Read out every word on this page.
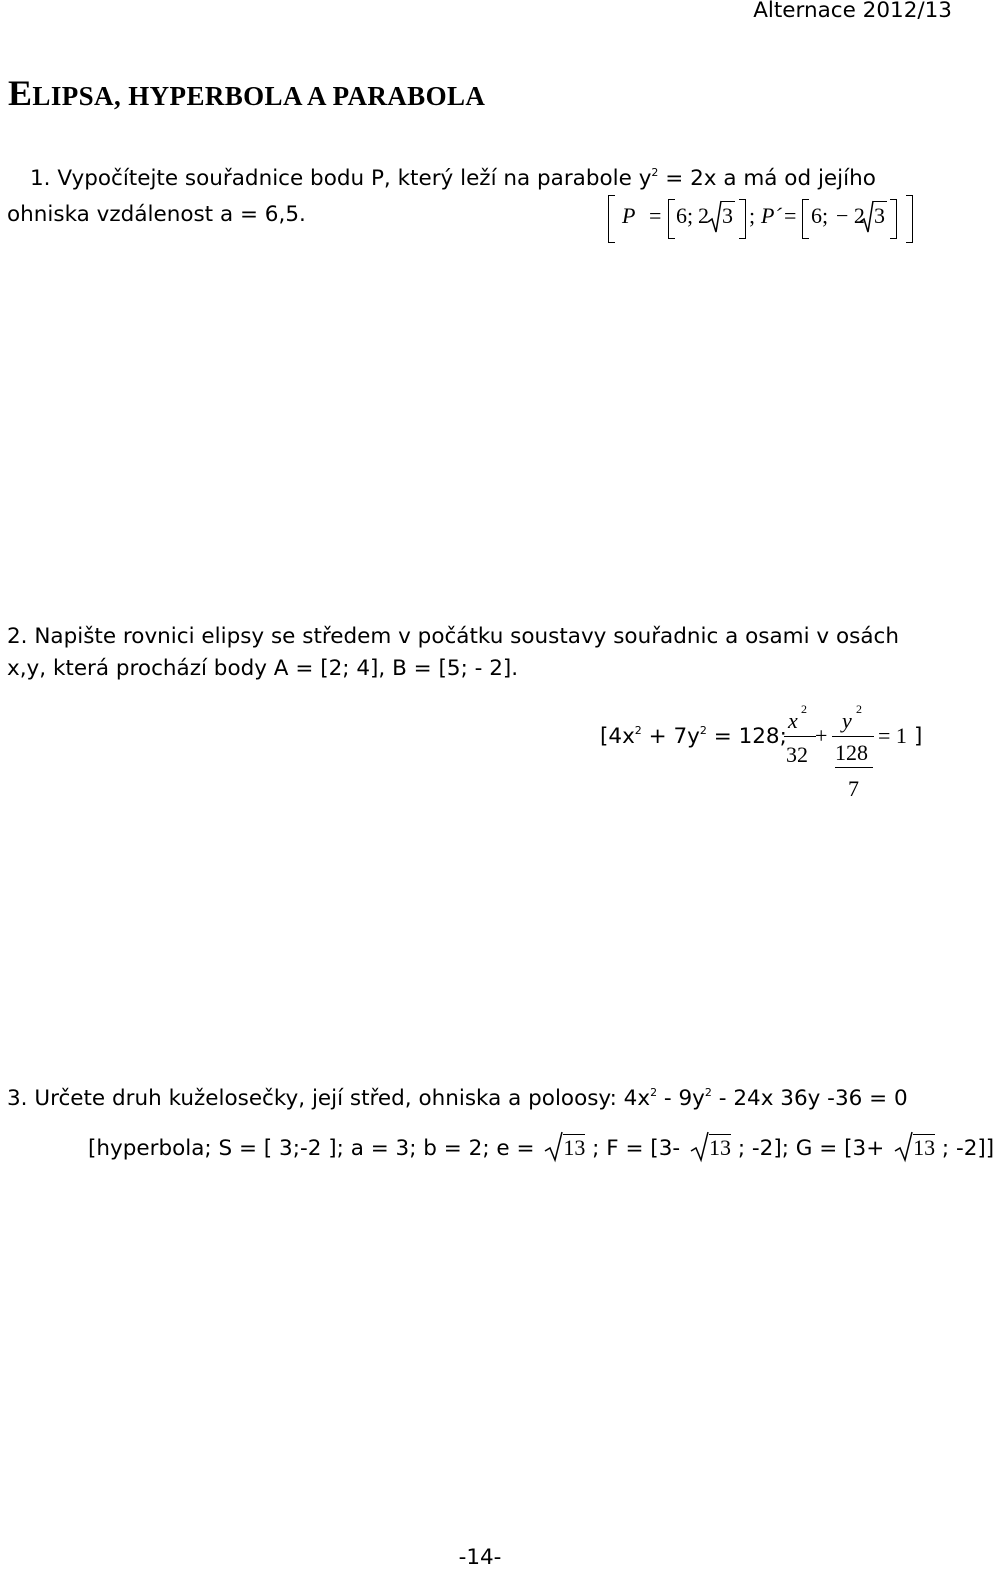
Alternace 2012/13
ELIPSA, HYPERBOLA A PARABOLA
1. Vypočítejte souřadnice bodu P, který leží na parabole $y^2 = 2x$ a má od jejího
ohniska vzdálenost a = 6,5.	P = 6; 2 3 ; P´ = 6; − 2 3
2. Napište rovnici elipsy se středem v počátku soustavy souřadnic a osami v osách
x,y, která prochází body A = [2; 4], B = [5; - 2].
[$4x^2 + 7y^2 = 128$;
x 2
32
+
y 2
128
7
= 1 ]
3. Určete druh kuželosečky, její střed, ohniska a poloosy: $4x^2 - 9y^2 - 24x$ 36y -36 = 0
[hyperbola; S = [ 3;-2 ]; a = 3; b = 2; e = 13 ; F = [3- 13 ; -2]; G = [3+ 13 ; -2]]
-14-
